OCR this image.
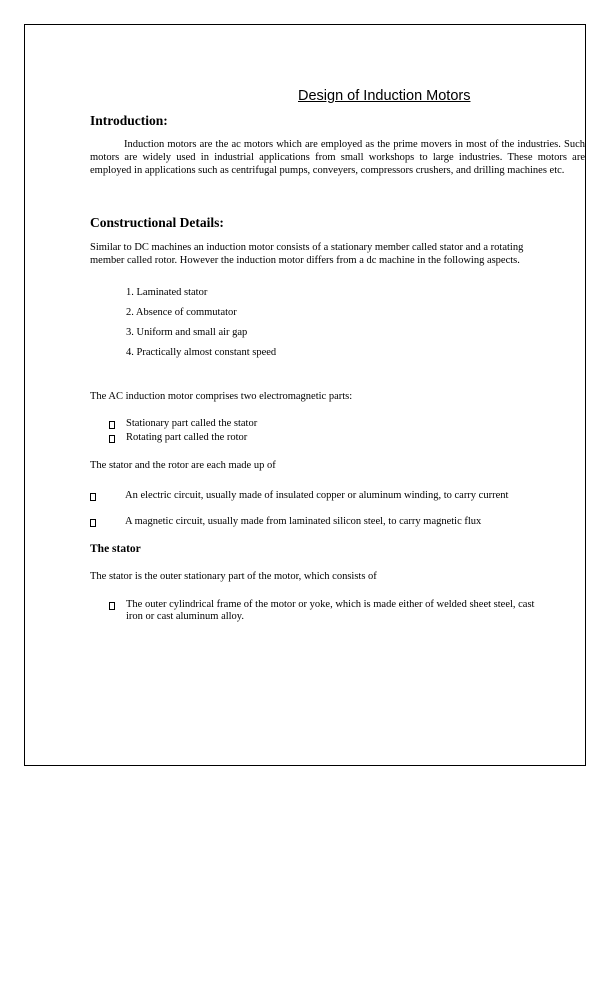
Design of Induction Motors
Introduction:
Induction motors are the ac motors which are employed as the prime movers in most of the industries. Such motors are widely used in industrial applications from small workshops to large industries. These motors are employed in applications such as centrifugal pumps, conveyers, compressors crushers, and drilling machines etc.
Constructional Details:
Similar to DC machines an induction motor consists of a stationary member called stator and a rotating member called rotor. However the induction motor differs from a dc machine in the following aspects.
1. Laminated stator
2. Absence of commutator
3. Uniform and small air gap
4. Practically almost constant speed
The AC induction motor comprises two electromagnetic parts:
Stationary part called the stator
Rotating part called the rotor
The stator and the rotor are each made up of
An electric circuit, usually made of insulated copper or aluminum winding, to carry current
A magnetic circuit, usually made from laminated silicon steel, to carry magnetic flux
The stator
The stator is the outer stationary part of the motor, which consists of
The outer cylindrical frame of the motor or yoke, which is made either of welded sheet steel, cast iron or cast aluminum alloy.
